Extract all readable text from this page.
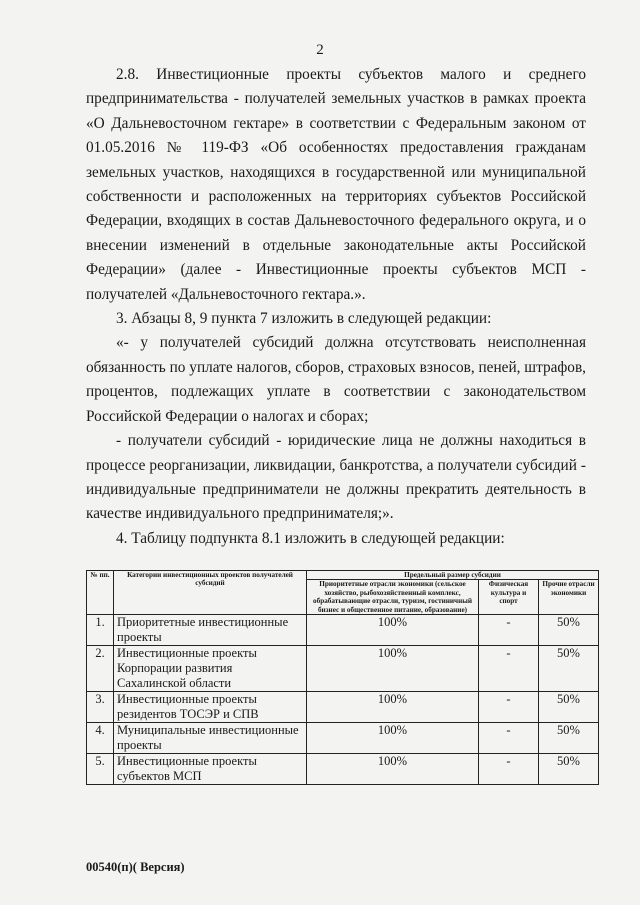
2

2.8. Инвестиционные проекты субъектов малого и среднего предпринимательства - получателей земельных участков в рамках проекта «О Дальневосточном гектаре» в соответствии с Федеральным законом от 01.05.2016 № 119-ФЗ «Об особенностях предоставления гражданам земельных участков, находящихся в государственной или муниципальной собственности и расположенных на территориях субъектов Российской Федерации, входящих в состав Дальневосточного федерального округа, и о внесении изменений в отдельные законодательные акты Российской Федерации» (далее - Инвестиционные проекты субъектов МСП - получателей «Дальневосточного гектара.».

3. Абзацы 8, 9 пункта 7 изложить в следующей редакции:

«- у получателей субсидий должна отсутствовать неисполненная обязанность по уплате налогов, сборов, страховых взносов, пеней, штрафов, процентов, подлежащих уплате в соответствии с законодательством Российской Федерации о налогах и сборах;

- получатели субсидий - юридические лица не должны находиться в процессе реорганизации, ликвидации, банкротства, а получатели субсидий - индивидуальные предприниматели не должны прекратить деятельность в качестве индивидуального предпринимателя;».

4. Таблицу подпункта 8.1 изложить в следующей редакции:

№ пп.	Категории инвестиционных проектов получателей субсидий	Предельный размер субсидии		
		Приоритетные отрасли экономики (сельское хозяйство, рыбохозяйственный комплекс, обрабатывающие отрасли, туризм, гостиничный бизнес и общественное питание, образование)	Физическая культура и спорт	Прочие отрасли экономики
1.	Приоритетные инвестиционные проекты	100%	-	50%
2.	Инвестиционные проекты Корпорации развития Сахалинской области	100%	-	50%
3.	Инвестиционные проекты резидентов ТОСЭР и СПВ	100%	-	50%
4.	Муниципальные инвестиционные проекты	100%	-	50%
5.	Инвестиционные проекты субъектов МСП	100%	-	50%
00540(п)( Версия)
